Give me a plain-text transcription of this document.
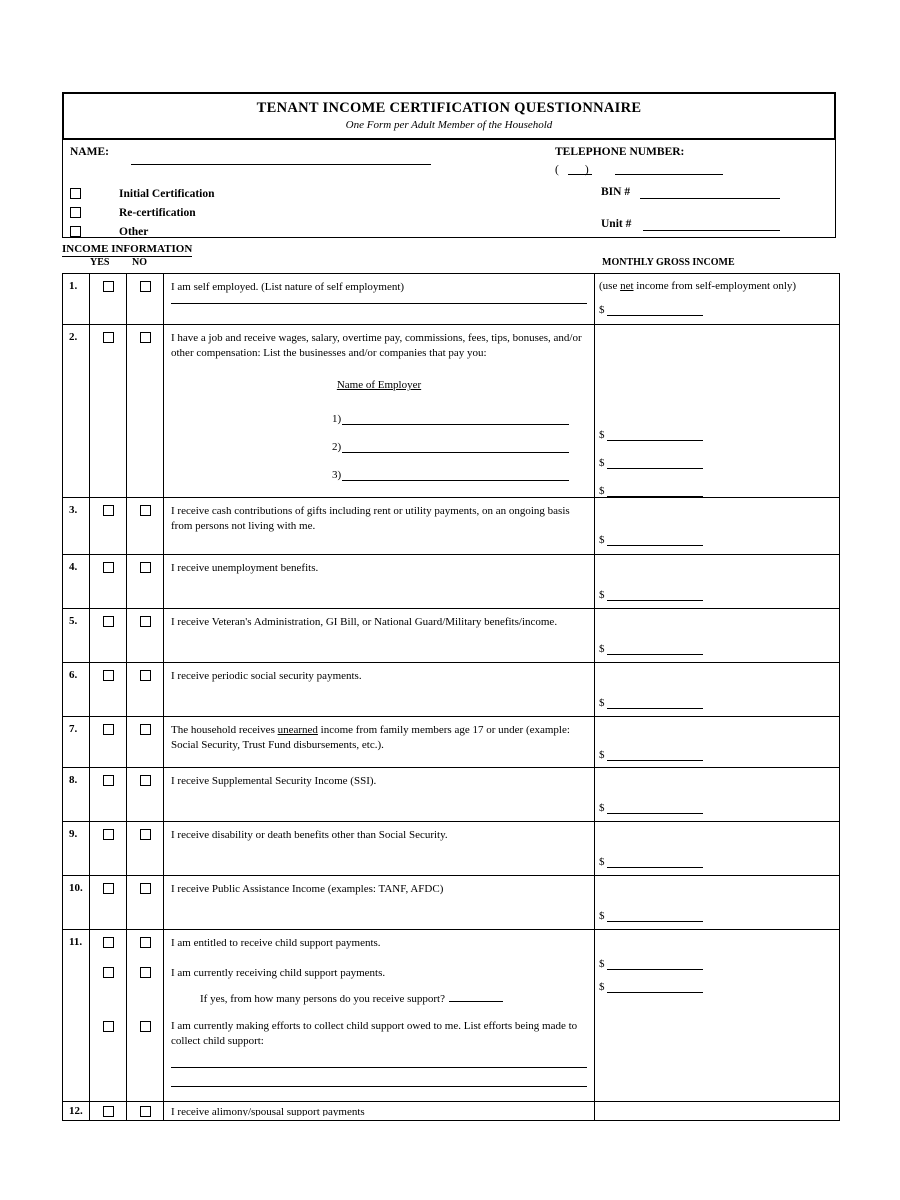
TENANT INCOME CERTIFICATION QUESTIONNAIRE
One Form per Adult Member of the Household
NAME:	TELEPHONE NUMBER:
( )
Initial Certification
Re-certification
Other
BIN #
Unit #
INCOME INFORMATION
YES NO	MONTHLY GROSS INCOME
1.			I am self employed. (List nature of self employment)	(use net income from self-employment only)
$

2.			I have a job and receive wages, salary, overtime pay, commissions, fees, tips, bonuses, and/or other compensation: List the businesses and/or companies that pay you:
Name of Employer
1)
2)
3)

$
$
$

3.			I receive cash contributions of gifts including rent or utility payments, on an ongoing basis from persons not living with me.	$

4.			I receive unemployment benefits.	$

5.			I receive Veteran's Administration, GI Bill, or National Guard/Military benefits/income.	$

6.			I receive periodic social security payments.	$

7.			The household receives unearned income from family members age 17 or under (example: Social Security, Trust Fund disbursements, etc.).	$

8.			I receive Supplemental Security Income (SSI).	$

9.			I receive disability or death benefits other than Social Security.	$

10.			I receive Public Assistance Income (examples: TANF, AFDC)	$

11.			I am entitled to receive child support payments.
I am currently receiving child support payments.
If yes, from how many persons do you receive support?
I am currently making efforts to collect child support owed to me. List efforts being made to collect child support:

$
$

12.			I receive alimony/spousal support payments	
